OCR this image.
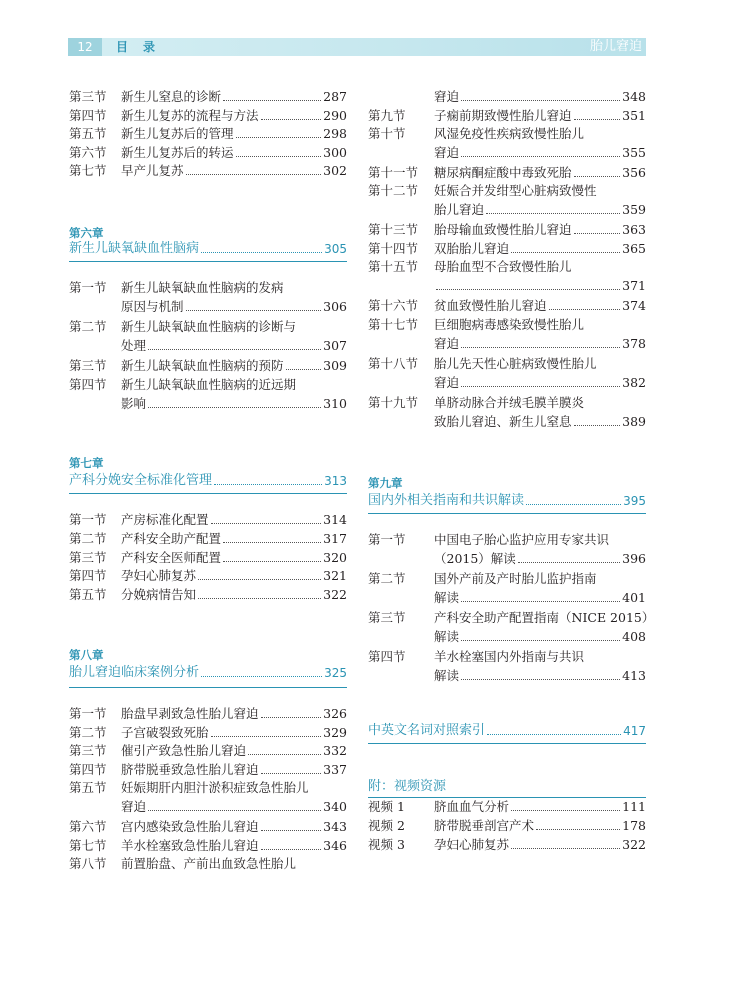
12	目录	胎儿窘迫
第三节 新生儿窒息的诊断	287
第四节 新生儿复苏的流程与方法	290
第五节 新生儿复苏后的管理	298
第六节 新生儿复苏后的转运	300
第七节 早产儿复苏	302
第六章
新生儿缺氧缺血性脑病	305
第一节 新生儿缺氧缺血性脑病的发病
原因与机制	306
第二节 新生儿缺氧缺血性脑病的诊断与
处理	307
第三节 新生儿缺氧缺血性脑病的预防	309
第四节 新生儿缺氧缺血性脑病的近远期
影响	310
第七章
产科分娩安全标准化管理	313
第一节 产房标准化配置	314
第二节 产科安全助产配置	317
第三节 产科安全医师配置	320
第四节 孕妇心肺复苏	321
第五节 分娩病情告知	322
第八章
胎儿窘迫临床案例分析	325
第一节 胎盘早剥致急性胎儿窘迫	326
第二节 子宫破裂致死胎	329
第三节 催引产致急性胎儿窘迫	332
第四节 脐带脱垂致急性胎儿窘迫	337
第五节 妊娠期肝内胆汁淤积症致急性胎儿
窘迫	340
第六节 宫内感染致急性胎儿窘迫	343
第七节 羊水栓塞致急性胎儿窘迫	346
第八节 前置胎盘、产前出血致急性胎儿
窘迫	348
第九节 子痫前期致慢性胎儿窘迫	351
第十节 风湿免疫性疾病致慢性胎儿
窘迫	355
第十一节 糖尿病酮症酸中毒致死胎	356
第十二节 妊娠合并发绀型心脏病致慢性
胎儿窘迫	359
第十三节 胎母输血致慢性胎儿窘迫	363
第十四节 双胎胎儿窘迫	365
第十五节 母胎血型不合致慢性胎儿
371
第十六节 贫血致慢性胎儿窘迫	374
第十七节 巨细胞病毒感染致慢性胎儿
窘迫	378
第十八节 胎儿先天性心脏病致慢性胎儿
窘迫	382
第十九节 单脐动脉合并绒毛膜羊膜炎
致胎儿窘迫、新生儿窒息	389
第九章
国内外相关指南和共识解读	395
第一节 中国电子胎心监护应用专家共识
（2015）解读	396
第二节 国外产前及产时胎儿监护指南
解读	401
第三节 产科安全助产配置指南（NICE 2015）
解读	408
第四节 羊水栓塞国内外指南与共识
解读	413
中英文名词对照索引	417
附：视频资源
视频 1 脐血血气分析	111
视频 2 脐带脱垂剖宫产术	178
视频 3 孕妇心肺复苏	322
